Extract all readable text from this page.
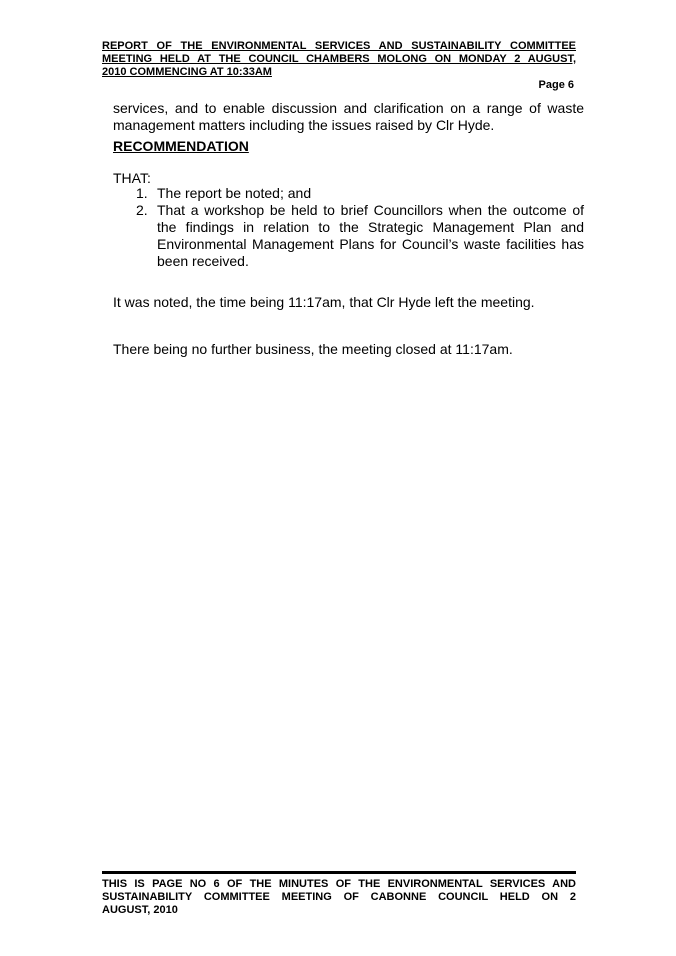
REPORT OF THE ENVIRONMENTAL SERVICES AND SUSTAINABILITY COMMITTEE
MEETING HELD AT THE COUNCIL CHAMBERS MOLONG ON MONDAY 2 AUGUST,
2010 COMMENCING AT 10:33AM
Page 6

services, and to enable discussion and clarification on a range of waste management matters including the issues raised by Clr Hyde.

RECOMMENDATION
THAT:
1. The report be noted; and
2. That a workshop be held to brief Councillors when the outcome of the findings in relation to the Strategic Management Plan and Environmental Management Plans for Council’s waste facilities has been received.

It was noted, the time being 11:17am, that Clr Hyde left the meeting.

There being no further business, the meeting closed at 11:17am.

THIS IS PAGE NO 6 OF THE MINUTES OF THE ENVIRONMENTAL SERVICES AND
SUSTAINABILITY COMMITTEE MEETING OF CABONNE COUNCIL HELD ON 2
AUGUST, 2010
